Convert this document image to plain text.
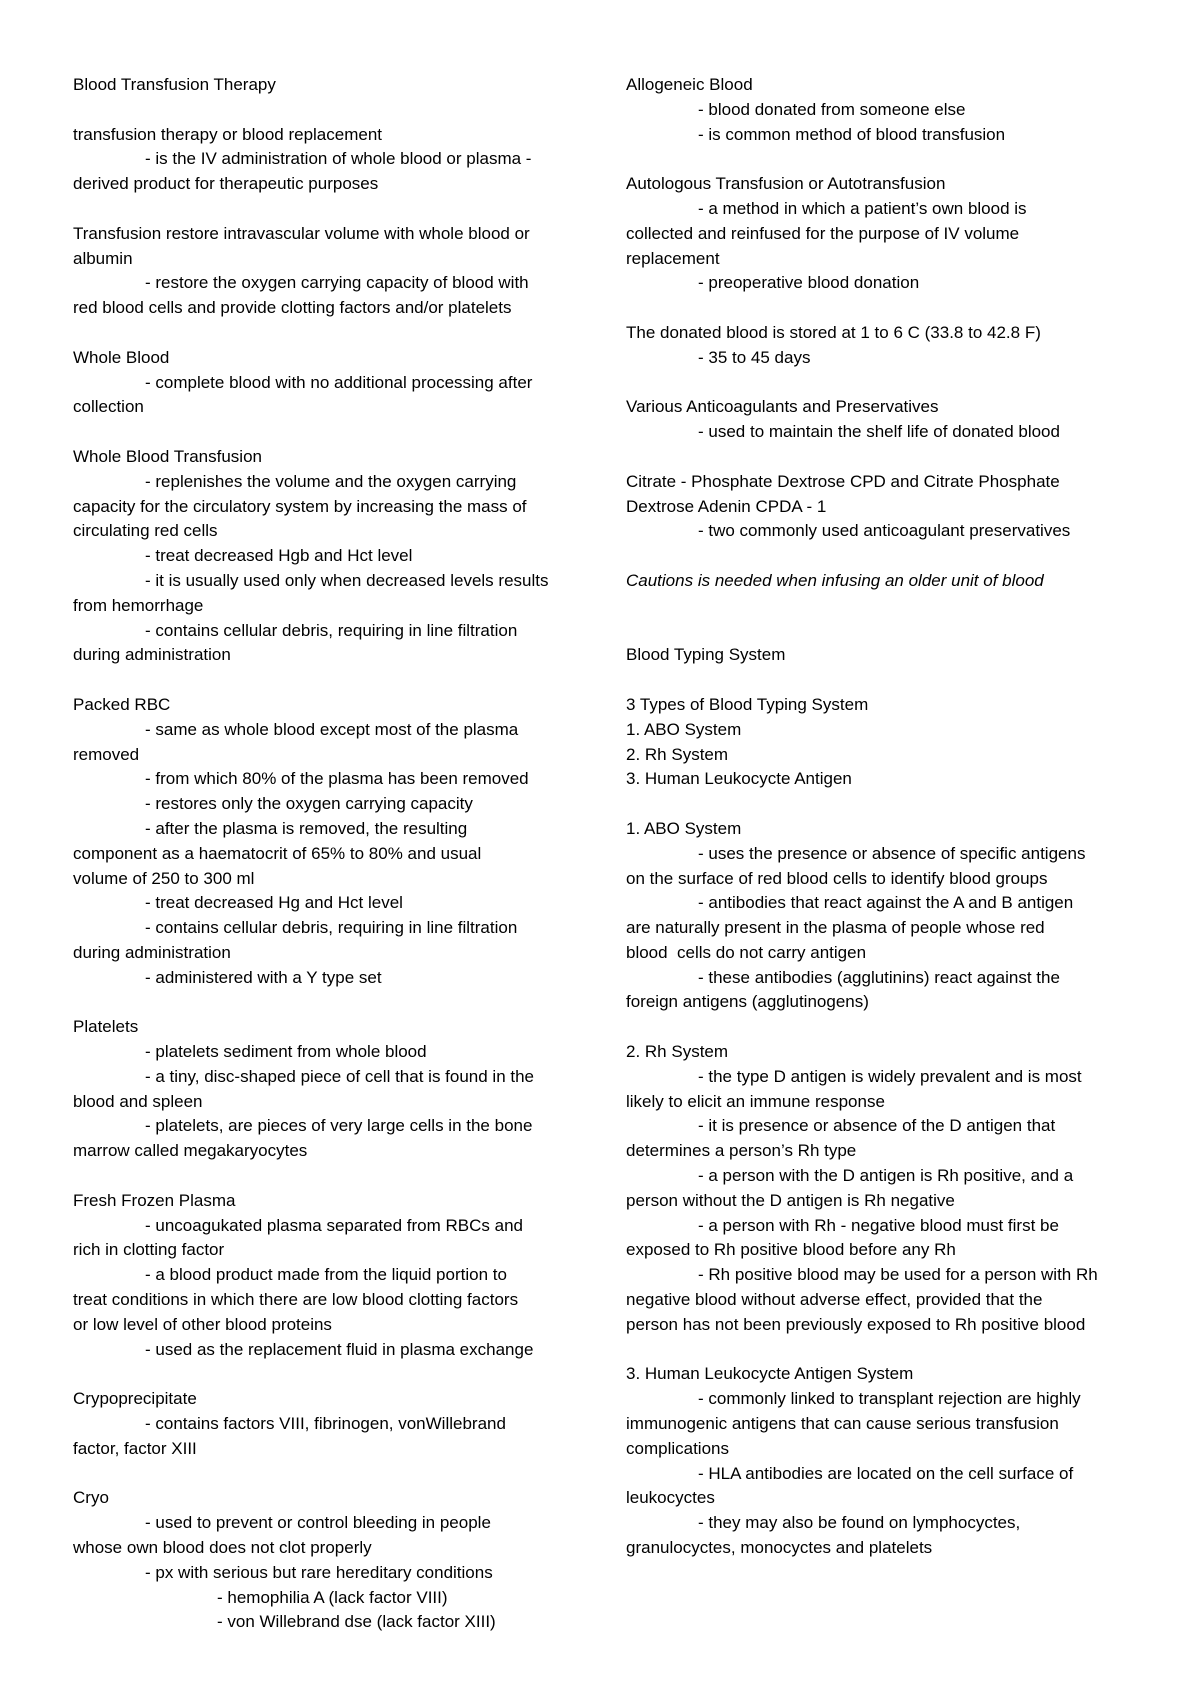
Blood Transfusion Therapy
transfusion therapy or blood replacement
- is the IV administration of whole blood or plasma -
derived product for therapeutic purposes
Transfusion restore intravascular volume with whole blood or
albumin
- restore the oxygen carrying capacity of blood with
red blood cells and provide clotting factors and/or platelets
Whole Blood
- complete blood with no additional processing after
collection
Whole Blood Transfusion
- replenishes the volume and the oxygen carrying
capacity for the circulatory system by increasing the mass of
circulating red cells
- treat decreased Hgb and Hct level
- it is usually used only when decreased levels results
from hemorrhage
- contains cellular debris, requiring in line filtration
during administration
Packed RBC
- same as whole blood except most of the plasma
removed
- from which 80% of the plasma has been removed
- restores only the oxygen carrying capacity
- after the plasma is removed, the resulting
component as a haematocrit of 65% to 80% and usual
volume of 250 to 300 ml
- treat decreased Hg and Hct level
- contains cellular debris, requiring in line filtration
during administration
- administered with a Y type set
Platelets
- platelets sediment from whole blood
- a tiny, disc-shaped piece of cell that is found in the
blood and spleen
- platelets, are pieces of very large cells in the bone
marrow called megakaryocytes
Fresh Frozen Plasma
- uncoagukated plasma separated from RBCs and
rich in clotting factor
- a blood product made from the liquid portion to
treat conditions in which there are low blood clotting factors
or low level of other blood proteins
- used as the replacement fluid in plasma exchange
Crypoprecipitate
- contains factors VIII, fibrinogen, vonWillebrand
factor, factor XIII
Cryo
- used to prevent or control bleeding in people
whose own blood does not clot properly
- px with serious but rare hereditary conditions
- hemophilia A (lack factor VIII)
- von Willebrand dse (lack factor XIII)
Allogeneic Blood
- blood donated from someone else
- is common method of blood transfusion
Autologous Transfusion or Autotransfusion
- a method in which a patient’s own blood is
collected and reinfused for the purpose of IV volume
replacement
- preoperative blood donation
The donated blood is stored at 1 to 6 C (33.8 to 42.8 F)
- 35 to 45 days
Various Anticoagulants and Preservatives
- used to maintain the shelf life of donated blood
Citrate - Phosphate Dextrose CPD and Citrate Phosphate
Dextrose Adenin CPDA - 1
- two commonly used anticoagulant preservatives
Cautions is needed when infusing an older unit of blood
Blood Typing System
3 Types of Blood Typing System
1. ABO System
2. Rh System
3. Human Leukocycte Antigen
1. ABO System
- uses the presence or absence of specific antigens
on the surface of red blood cells to identify blood groups
- antibodies that react against the A and B antigen
are naturally present in the plasma of people whose red
blood  cells do not carry antigen
- these antibodies (agglutinins) react against the
foreign antigens (agglutinogens)
2. Rh System
- the type D antigen is widely prevalent and is most
likely to elicit an immune response
- it is presence or absence of the D antigen that
determines a person’s Rh type
- a person with the D antigen is Rh positive, and a
person without the D antigen is Rh negative
- a person with Rh - negative blood must first be
exposed to Rh positive blood before any Rh
- Rh positive blood may be used for a person with Rh
negative blood without adverse effect, provided that the
person has not been previously exposed to Rh positive blood
3. Human Leukocycte Antigen System
- commonly linked to transplant rejection are highly
immunogenic antigens that can cause serious transfusion
complications
- HLA antibodies are located on the cell surface of
leukocyctes
- they may also be found on lymphocyctes,
granulocyctes, monocyctes and platelets
